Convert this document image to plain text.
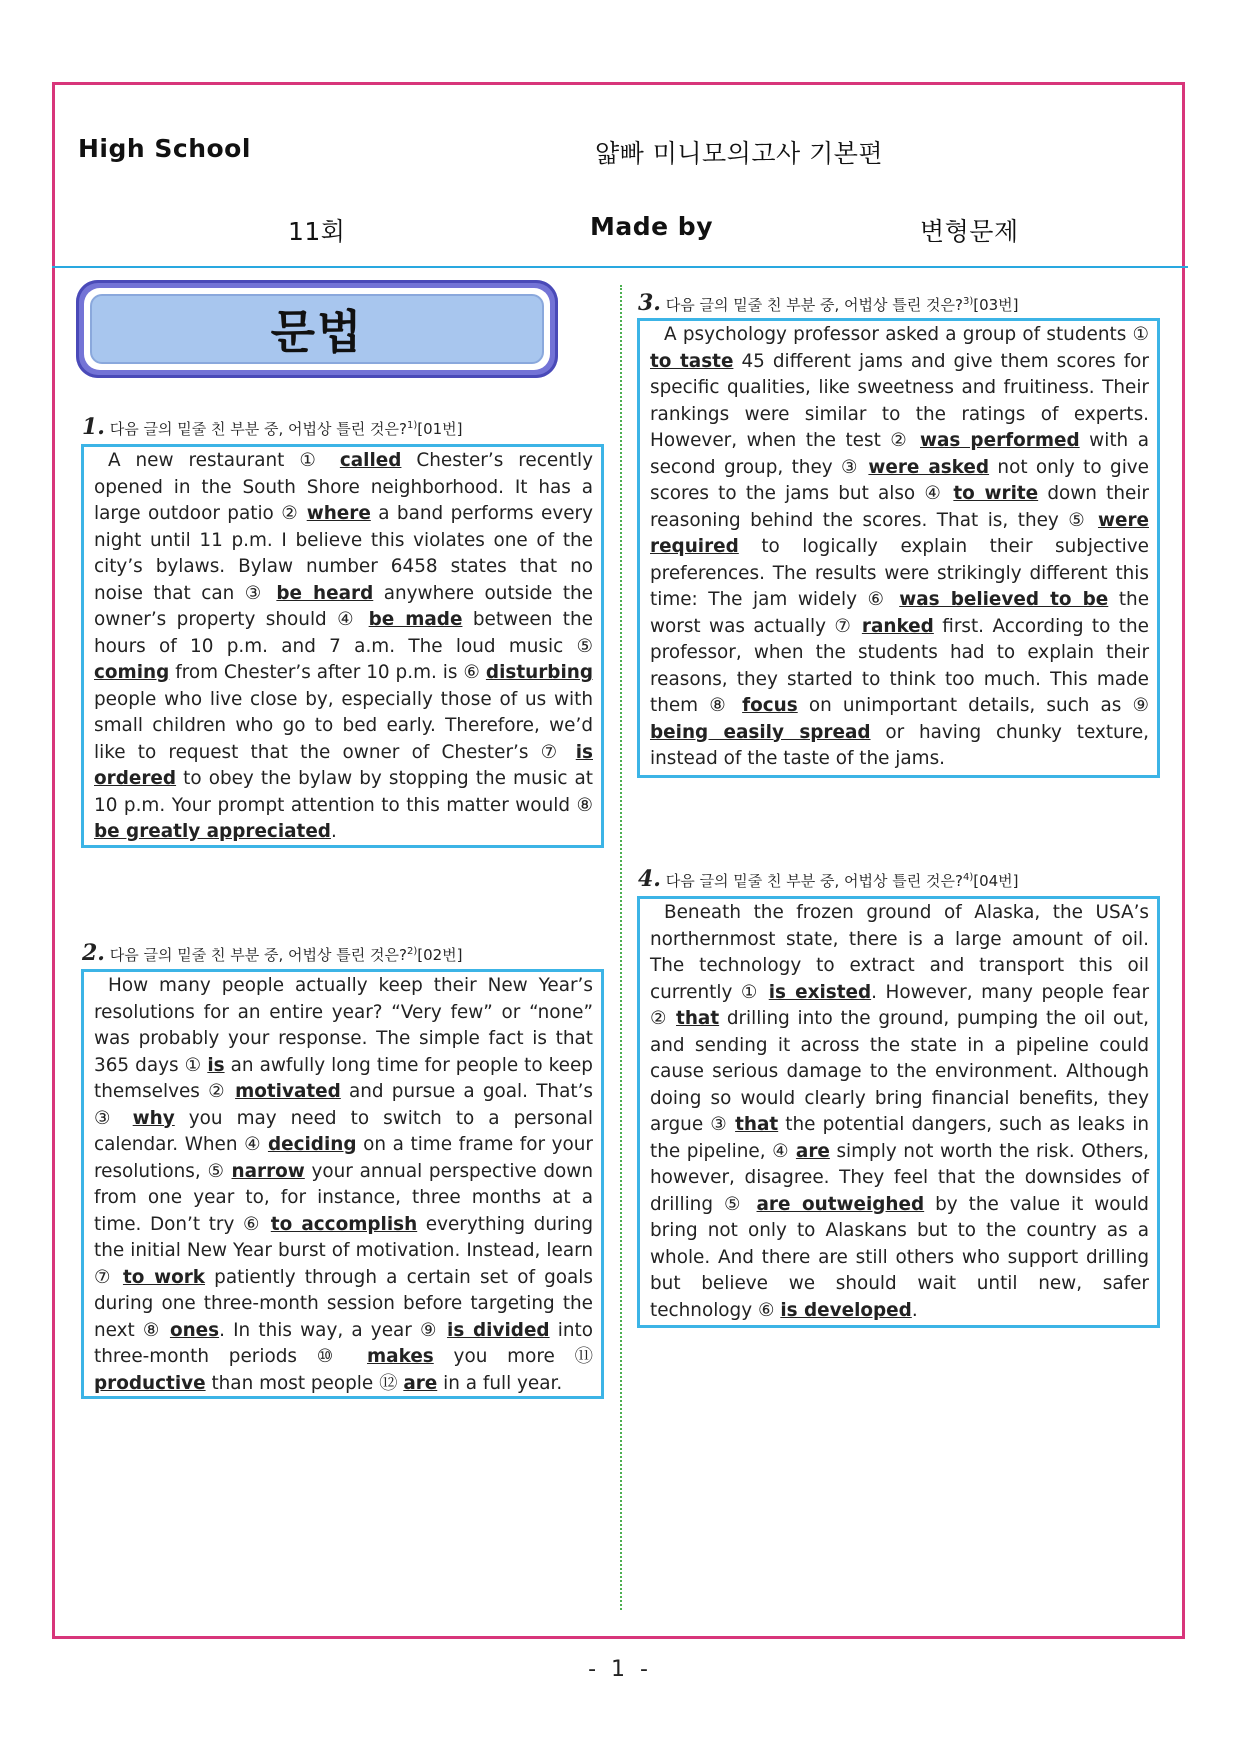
High School	얇빠 미니모의고사 기본편
11회	Made by	변형문제
문법
1. 다음 글의 밑줄 친 부분 중, 어법상 틀린 것은?$^{1)}$[01번]

A new restaurant ① called Chester’s recently opened in the South Shore neighborhood. It has a large outdoor patio ② where a band performs every night until 11 p.m. I believe this violates one of the city’s bylaws. Bylaw number 6458 states that no noise that can ③ be heard anywhere outside the owner’s property should ④ be made between the hours of 10 p.m. and 7 a.m. The loud music ⑤ coming from Chester’s after 10 p.m. is ⑥ disturbing people who live close by, especially those of us with small children who go to bed early. Therefore, we’d like to request that the owner of Chester’s ⑦ is ordered to obey the bylaw by stopping the music at 10 p.m. Your prompt attention to this matter would ⑧ be greatly appreciated.

2. 다음 글의 밑줄 친 부분 중, 어법상 틀린 것은?$^{2)}$[02번]

How many people actually keep their New Year’s resolutions for an entire year? “Very few” or “none” was probably your response. The simple fact is that 365 days ① is an awfully long time for people to keep themselves ② motivated and pursue a goal. That’s ③ why you may need to switch to a personal calendar. When ④ deciding on a time frame for your resolutions, ⑤ narrow your annual perspective down from one year to, for instance, three months at a time. Don’t try ⑥ to accomplish everything during the initial New Year burst of motivation. Instead, learn ⑦ to work patiently through a certain set of goals during one three-month session before targeting the next ⑧ ones. In this way, a year ⑨ is divided into three-month periods ⑩ makes you more ⑪ productive than most people ⑫ are in a full year.

3. 다음 글의 밑줄 친 부분 중, 어법상 틀린 것은?$^{3)}$[03번]

A psychology professor asked a group of students ① to taste 45 different jams and give them scores for specific qualities, like sweetness and fruitiness. Their rankings were similar to the ratings of experts. However, when the test ② was performed with a second group, they ③ were asked not only to give scores to the jams but also ④ to write down their reasoning behind the scores. That is, they ⑤ were required to logically explain their subjective preferences. The results were strikingly different this time: The jam widely ⑥ was believed to be the worst was actually ⑦ ranked first. According to the professor, when the students had to explain their reasons, they started to think too much. This made them ⑧ focus on unimportant details, such as ⑨ being easily spread or having chunky texture, instead of the taste of the jams.

4. 다음 글의 밑줄 친 부분 중, 어법상 틀린 것은?$^{4)}$[04번]

Beneath the frozen ground of Alaska, the USA’s northernmost state, there is a large amount of oil. The technology to extract and transport this oil currently ① is existed. However, many people fear ② that drilling into the ground, pumping the oil out, and sending it across the state in a pipeline could cause serious damage to the environment. Although doing so would clearly bring financial benefits, they argue ③ that the potential dangers, such as leaks in the pipeline, ④ are simply not worth the risk. Others, however, disagree. They feel that the downsides of drilling ⑤ are outweighed by the value it would bring not only to Alaskans but to the country as a whole. And there are still others who support drilling but believe we should wait until new, safer technology ⑥ is developed.

- 1 -
